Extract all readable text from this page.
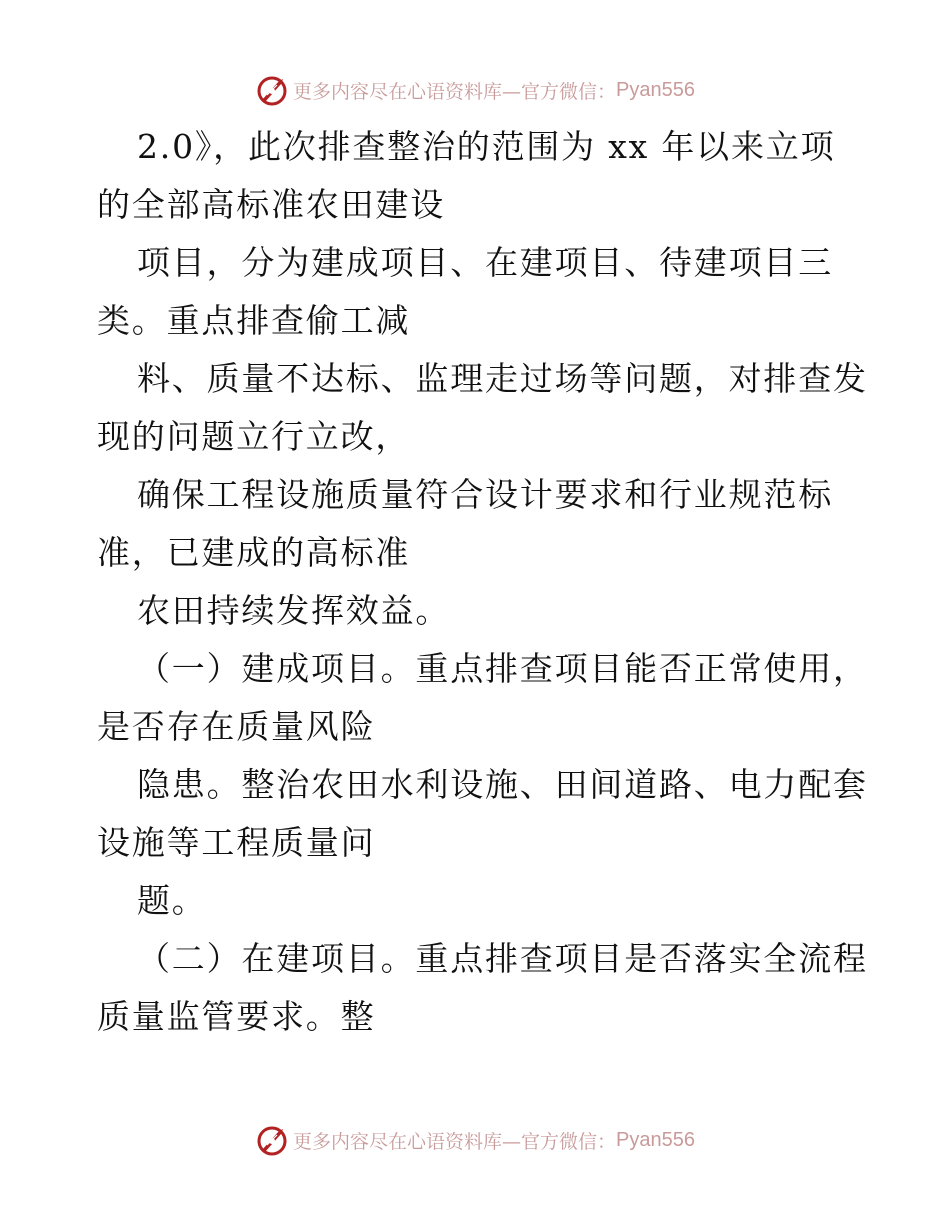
更多内容尽在心语资料库—官方微信： Pyan556
2.0》，此次排查整治的范围为 xx 年以来立项
的全部高标准农田建设
项目，分为建成项目、在建项目、待建项目三
类。重点排查偷工减
料、质量不达标、监理走过场等问题，对排查发
现的问题立行立改，
确保工程设施质量符合设计要求和行业规范标
准，已建成的高标准
农田持续发挥效益。
（一）建成项目。重点排查项目能否正常使用，
是否存在质量风险
隐患。整治农田水利设施、田间道路、电力配套
设施等工程质量问
题。
（二）在建项目。重点排查项目是否落实全流程
质量监管要求。整
更多内容尽在心语资料库—官方微信： Pyan556
